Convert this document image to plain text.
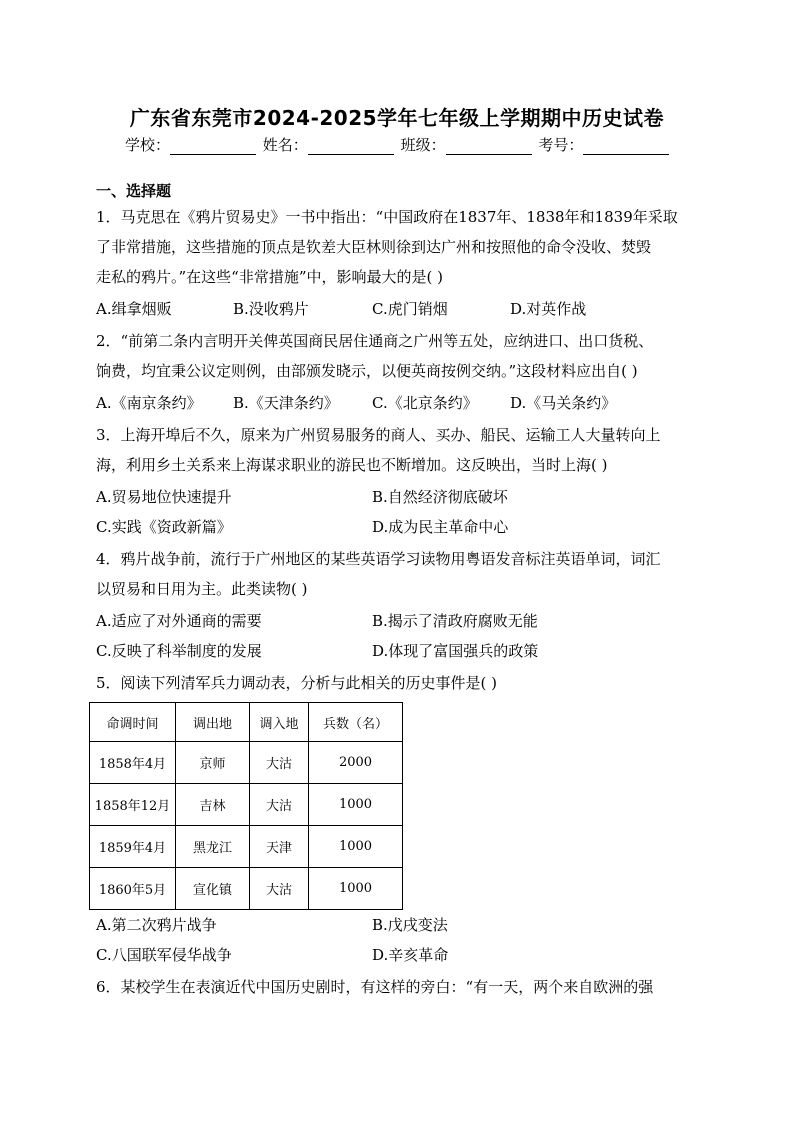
广东省东莞市2024-2025学年七年级上学期期中历史试卷
学校：	姓名：	班级：	考号：
一、选择题
1．马克思在《鸦片贸易史》一书中指出：“中国政府在1837年、1838年和1839年采取
了非常措施，这些措施的顶点是钦差大臣林则徐到达广州和按照他的命令没收、焚毁
走私的鸦片。”在这些“非常措施”中，影响最大的是( )
A.缉拿烟贩	B.没收鸦片	C.虎门销烟	D.对英作战
2．“前第二条内言明开关俾英国商民居住通商之广州等五处，应纳进口、出口货税、
饷费，均宜秉公议定则例，由部颁发晓示，以便英商按例交纳。”这段材料应出自( )
A.《南京条约》 B.《天津条约》 C.《北京条约》 D.《马关条约》
3．上海开埠后不久，原来为广州贸易服务的商人、买办、船民、运输工人大量转向上
海，利用乡土关系来上海谋求职业的游民也不断增加。这反映出，当时上海( )
A.贸易地位快速提升	B.自然经济彻底破坏
C.实践《资政新篇》	D.成为民主革命中心
4．鸦片战争前，流行于广州地区的某些英语学习读物用粤语发音标注英语单词，词汇
以贸易和日用为主。此类读物( )
A.适应了对外通商的需要	B.揭示了清政府腐败无能
C.反映了科举制度的发展	D.体现了富国强兵的政策
5．阅读下列清军兵力调动表，分析与此相关的历史事件是( )
命调时间	调出地	调入地	兵数（名）
1858年4月	京师	大沽	2000
1858年12月	吉林	大沽	1000
1859年4月	黑龙江	天津	1000
1860年5月	宣化镇	大沽	1000
A.第二次鸦片战争	B.戊戌变法
C.八国联军侵华战争	D.辛亥革命
6．某校学生在表演近代中国历史剧时，有这样的旁白：“有一天，两个来自欧洲的强
